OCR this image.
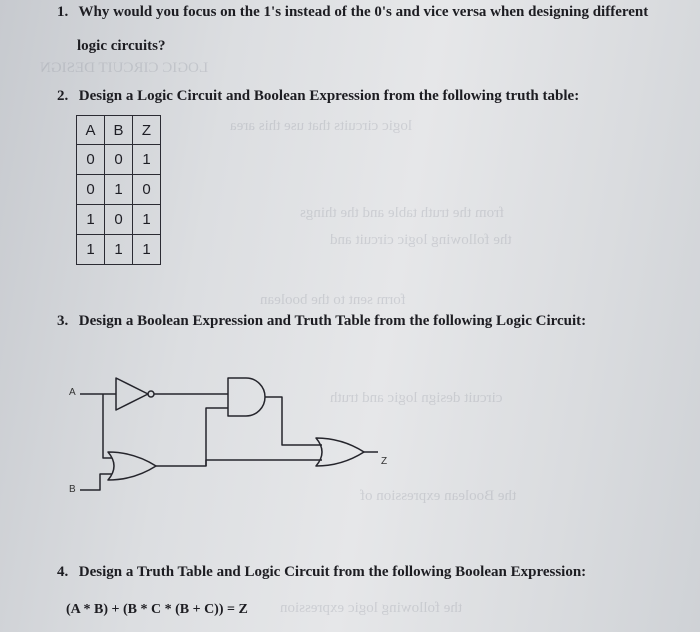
LOGIC CIRCUIT DESIGN
logic circuits that use this area
from the truth table and the things
the following logic circuit and
form sent to the boolean
circuit design logic and truth
the Boolean expression of
the following logic expression
1. Why would you focus on the 1's instead of the 0's and vice versa when designing different
logic circuits?
2. Design a Logic Circuit and Boolean Expression from the following truth table:
A	B	Z
0	0	1
0	1	0
1	0	1
1	1	1
3. Design a Boolean Expression and Truth Table from the following Logic Circuit:
A
B
Z
4. Design a Truth Table and Logic Circuit from the following Boolean Expression:
(A * B) + (B * C * (B + C)) = Z
